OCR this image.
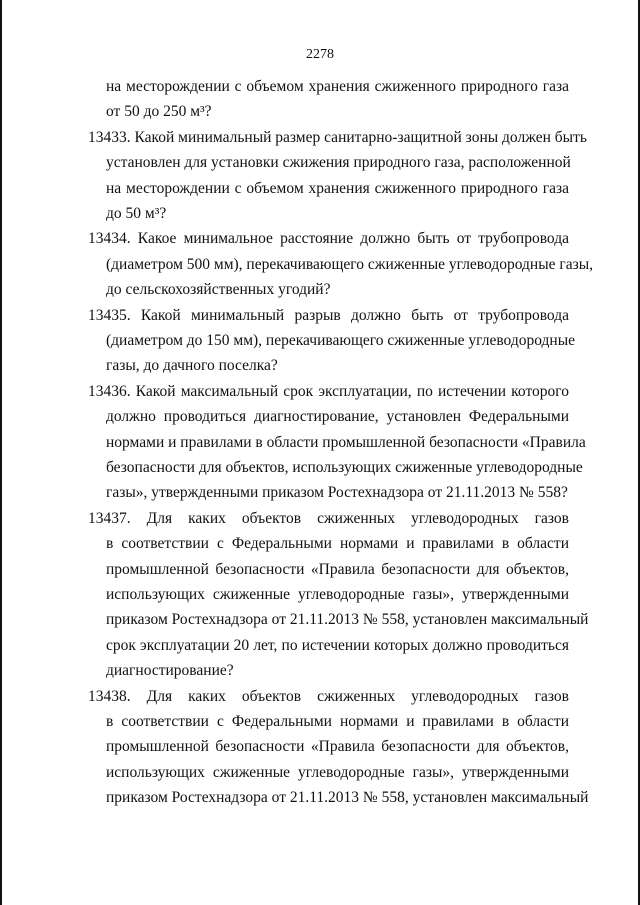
2278
на месторождении с объемом хранения сжиженного природного газа
от 50 до 250 м³?
13433. Какой минимальный размер санитарно-защитной зоны должен быть
установлен для установки сжижения природного газа, расположенной
на месторождении с объемом хранения сжиженного природного газа
до 50 м³?
13434. Какое минимальное расстояние должно быть от трубопровода
(диаметром 500 мм), перекачивающего сжиженные углеводородные газы,
до сельскохозяйственных угодий?
13435. Какой минимальный разрыв должно быть от трубопровода
(диаметром до 150 мм), перекачивающего сжиженные углеводородные
газы, до дачного поселка?
13436. Какой максимальный срок эксплуатации, по истечении которого
должно проводиться диагностирование, установлен Федеральными
нормами и правилами в области промышленной безопасности «Правила
безопасности для объектов, использующих сжиженные углеводородные
газы», утвержденными приказом Ростехнадзора от 21.11.2013 № 558?
13437. Для каких объектов сжиженных углеводородных газов
в соответствии с Федеральными нормами и правилами в области
промышленной безопасности «Правила безопасности для объектов,
использующих сжиженные углеводородные газы», утвержденными
приказом Ростехнадзора от 21.11.2013 № 558, установлен максимальный
срок эксплуатации 20 лет, по истечении которых должно проводиться
диагностирование?
13438. Для каких объектов сжиженных углеводородных газов
в соответствии с Федеральными нормами и правилами в области
промышленной безопасности «Правила безопасности для объектов,
использующих сжиженные углеводородные газы», утвержденными
приказом Ростехнадзора от 21.11.2013 № 558, установлен максимальный
